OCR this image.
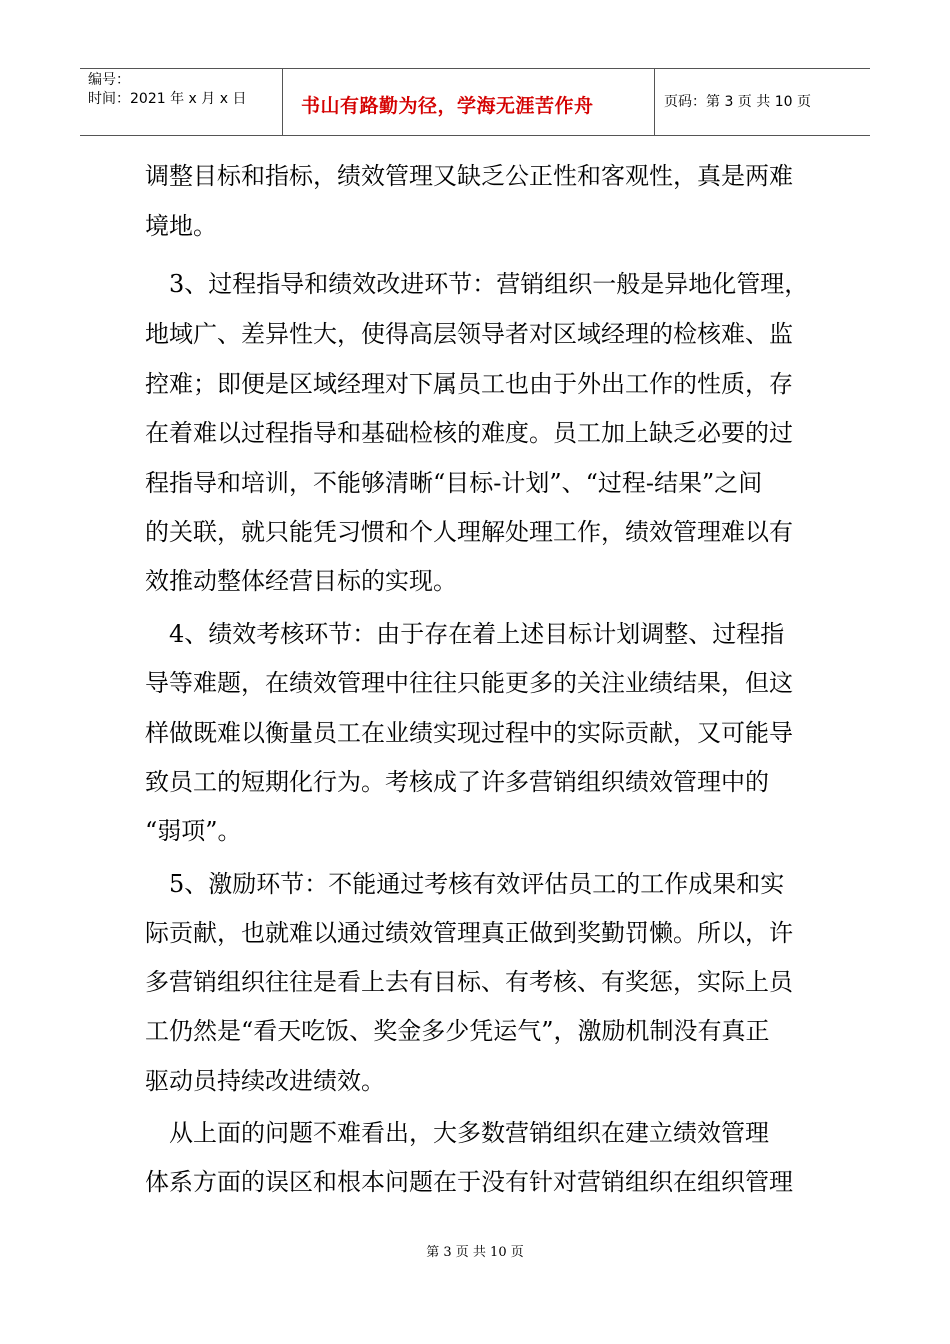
编号：
时间：2021 年 x 月 x 日	书山有路勤为径，学海无涯苦作舟	页码：第 3 页 共 10 页
调整目标和指标，绩效管理又缺乏公正性和客观性，真是两难
境地。
　3、过程指导和绩效改进环节：营销组织一般是异地化管理，
地域广、差异性大，使得高层领导者对区域经理的检核难、监
控难；即便是区域经理对下属员工也由于外出工作的性质，存
在着难以过程指导和基础检核的难度。员工加上缺乏必要的过
程指导和培训，不能够清晰“目标-计划”、“过程-结果”之间
的关联，就只能凭习惯和个人理解处理工作，绩效管理难以有
效推动整体经营目标的实现。
　4、绩效考核环节：由于存在着上述目标计划调整、过程指
导等难题，在绩效管理中往往只能更多的关注业绩结果，但这
样做既难以衡量员工在业绩实现过程中的实际贡献，又可能导
致员工的短期化行为。考核成了许多营销组织绩效管理中的
“弱项”。
　5、激励环节：不能通过考核有效评估员工的工作成果和实
际贡献，也就难以通过绩效管理真正做到奖勤罚懒。所以，许
多营销组织往往是看上去有目标、有考核、有奖惩，实际上员
工仍然是“看天吃饭、奖金多少凭运气”，激励机制没有真正
驱动员持续改进绩效。
　从上面的问题不难看出，大多数营销组织在建立绩效管理
体系方面的误区和根本问题在于没有针对营销组织在组织管理
第 3 页 共 10 页
